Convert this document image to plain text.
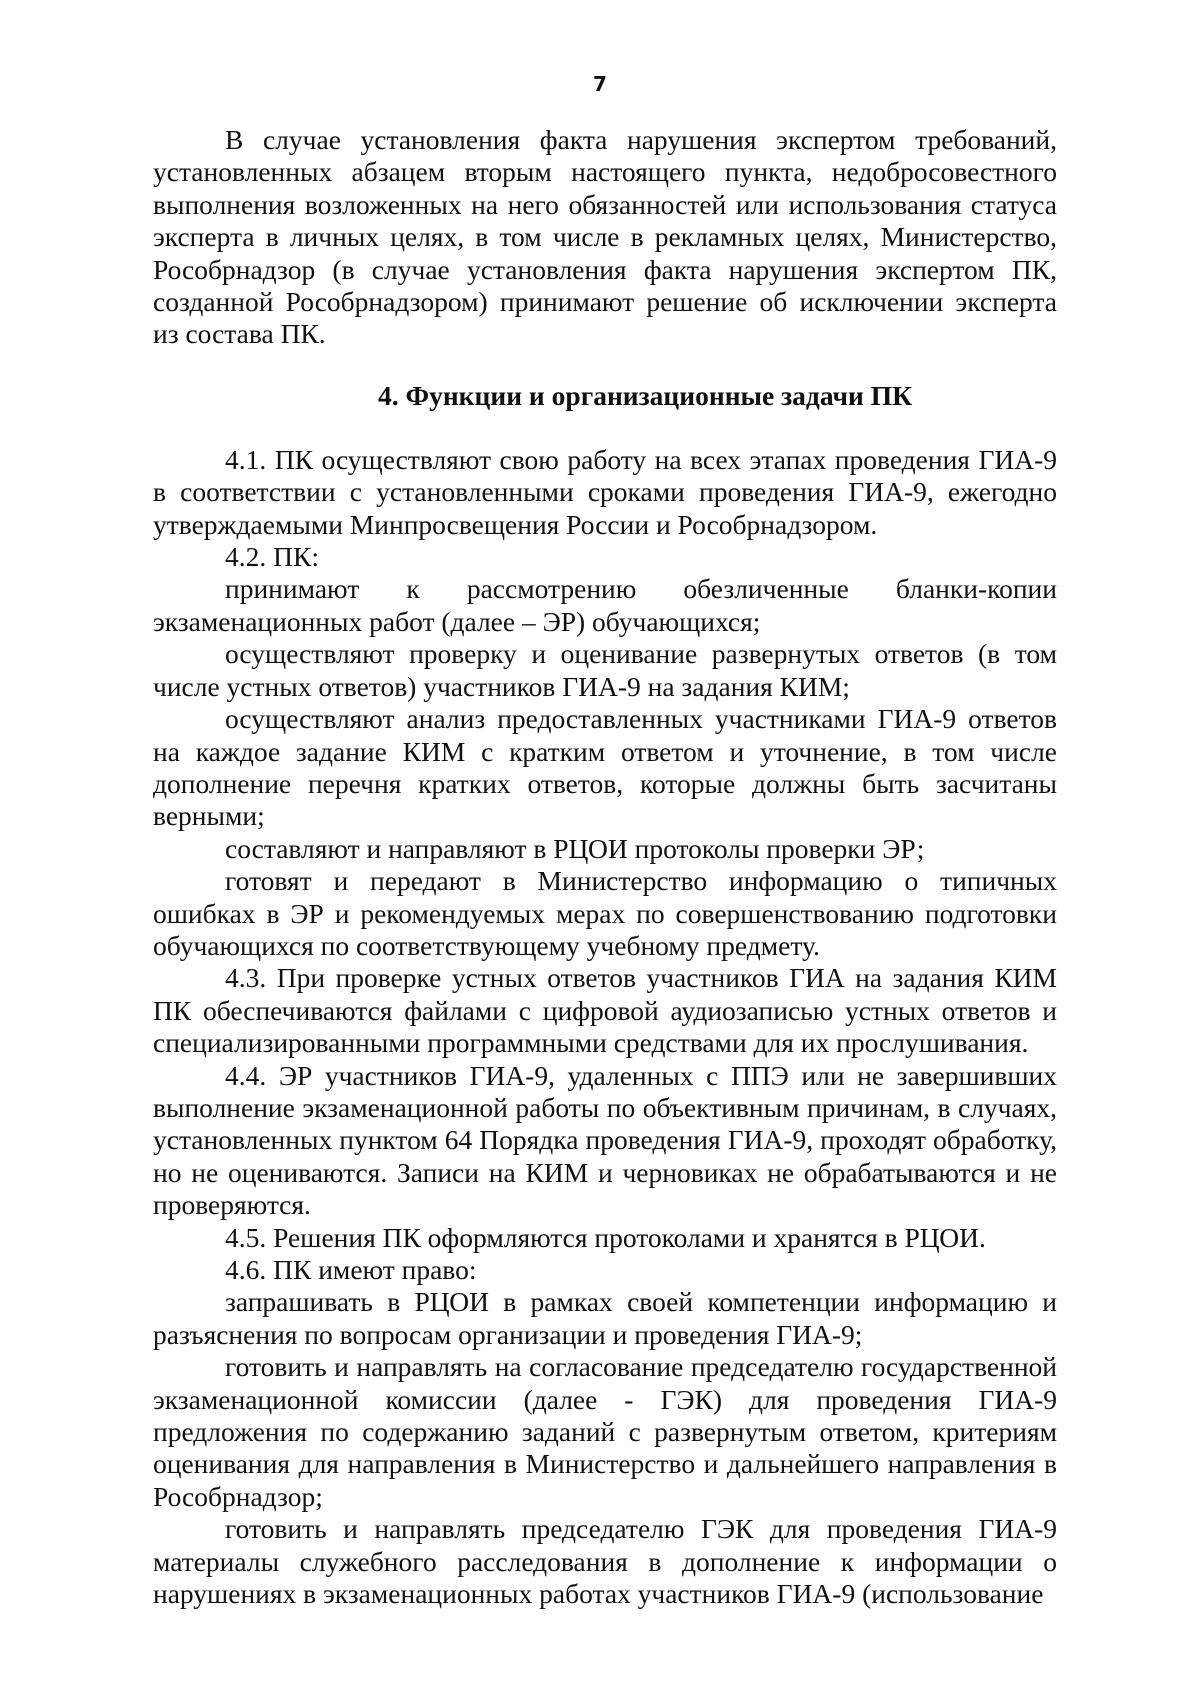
7

В случае установления факта нарушения экспертом требований, установленных абзацем вторым настоящего пункта, недобросовестного выполнения возложенных на него обязанностей или использования статуса эксперта в личных целях, в том числе в рекламных целях, Министерство, Рособрнадзор (в случае установления факта нарушения экспертом ПК, созданной Рособрнадзором) принимают решение об исключении эксперта из состава ПК.

4. Функции и организационные задачи ПК

4.1. ПК осуществляют свою работу на всех этапах проведения ГИА-9 в соответствии с установленными сроками проведения ГИА-9, ежегодно утверждаемыми Минпросвещения России и Рособрнадзором.

4.2. ПК:

принимают к рассмотрению обезличенные бланки-копии экзаменационных работ (далее – ЭР) обучающихся;

осуществляют проверку и оценивание развернутых ответов (в том числе устных ответов) участников ГИА-9 на задания КИМ;

осуществляют анализ предоставленных участниками ГИА-9 ответов на каждое задание КИМ с кратким ответом и уточнение, в том числе дополнение перечня кратких ответов, которые должны быть засчитаны верными;

составляют и направляют в РЦОИ протоколы проверки ЭР;

готовят и передают в Министерство информацию о типичных ошибках в ЭР и рекомендуемых мерах по совершенствованию подготовки обучающихся по соответствующему учебному предмету.

4.3. При проверке устных ответов участников ГИА на задания КИМ ПК обеспечиваются файлами с цифровой аудиозаписью устных ответов и специализированными программными средствами для их прослушивания.

4.4. ЭР участников ГИА-9, удаленных с ППЭ или не завершивших выполнение экзаменационной работы по объективным причинам, в случаях, установленных пунктом 64 Порядка проведения ГИА-9, проходят обработку, но не оцениваются. Записи на КИМ и черновиках не обрабатываются и не проверяются.

4.5. Решения ПК оформляются протоколами и хранятся в РЦОИ.

4.6. ПК имеют право:

запрашивать в РЦОИ в рамках своей компетенции информацию и разъяснения по вопросам организации и проведения ГИА-9;

готовить и направлять на согласование председателю государственной экзаменационной комиссии (далее - ГЭК) для проведения ГИА-9 предложения по содержанию заданий с развернутым ответом, критериям оценивания для направления в Министерство и дальнейшего направления в Рособрнадзор;

готовить и направлять председателю ГЭК для проведения ГИА-9 материалы служебного расследования в дополнение к информации о нарушениях в экзаменационных работах участников ГИА-9 (использование
